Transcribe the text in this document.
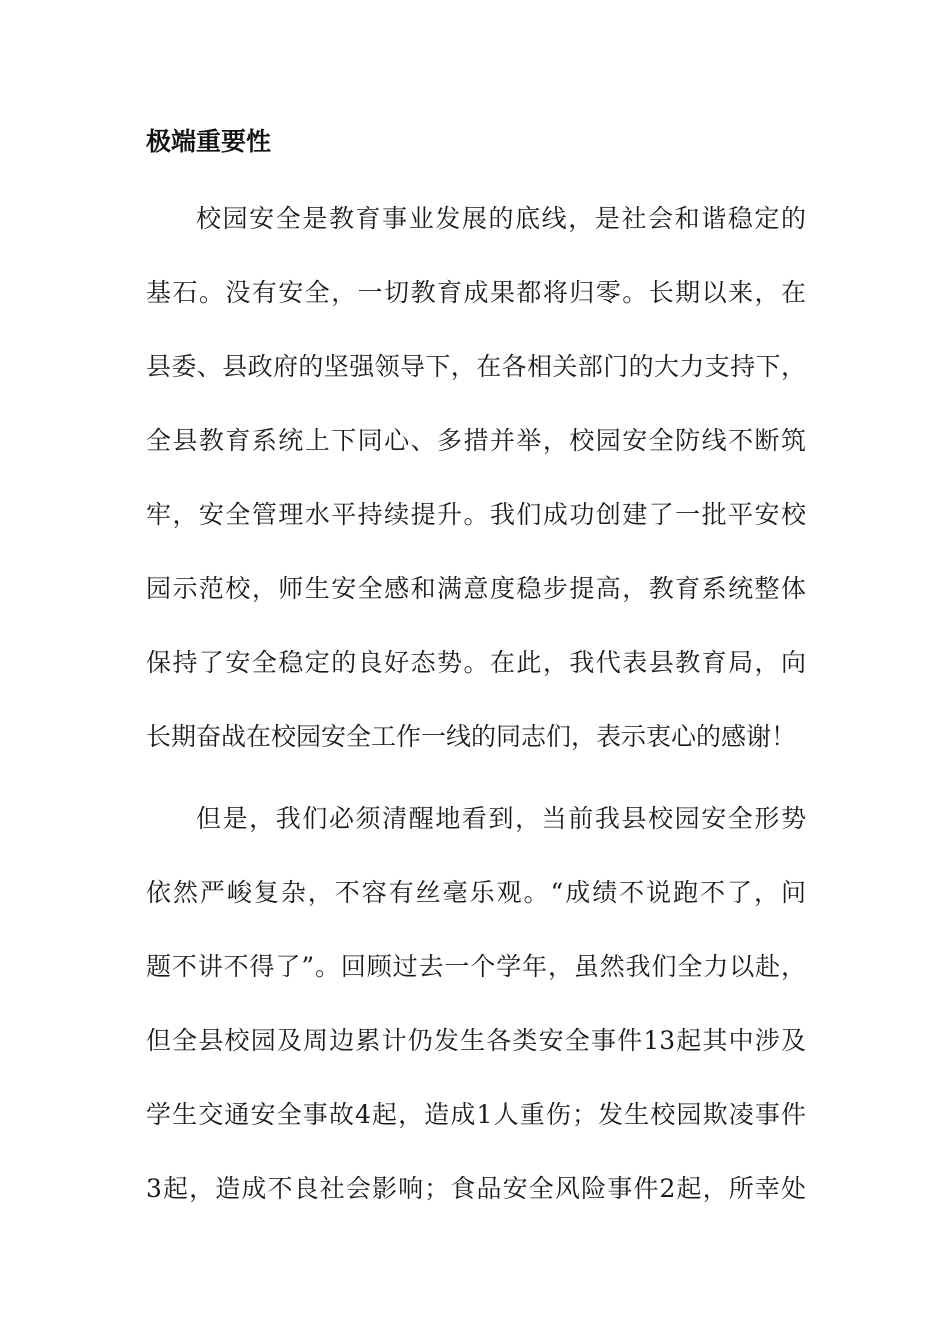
极端重要性
校园安全是教育事业发展的底线，是社会和谐稳定的
基石。没有安全，一切教育成果都将归零。长期以来，在
县委、县政府的坚强领导下，在各相关部门的大力支持下，
全县教育系统上下同心、多措并举，校园安全防线不断筑
牢，安全管理水平持续提升。我们成功创建了一批平安校
园示范校，师生安全感和满意度稳步提高，教育系统整体
保持了安全稳定的良好态势。在此，我代表县教育局，向
长期奋战在校园安全工作一线的同志们，表示衷心的感谢！
但是，我们必须清醒地看到，当前我县校园安全形势
依然严峻复杂，不容有丝毫乐观。“成绩不说跑不了，问
题不讲不得了”。回顾过去一个学年，虽然我们全力以赴，
但全县校园及周边累计仍发生各类安全事件13起其中涉及
学生交通安全事故4起，造成1人重伤；发生校园欺凌事件
3起，造成不良社会影响；食品安全风险事件2起，所幸处
